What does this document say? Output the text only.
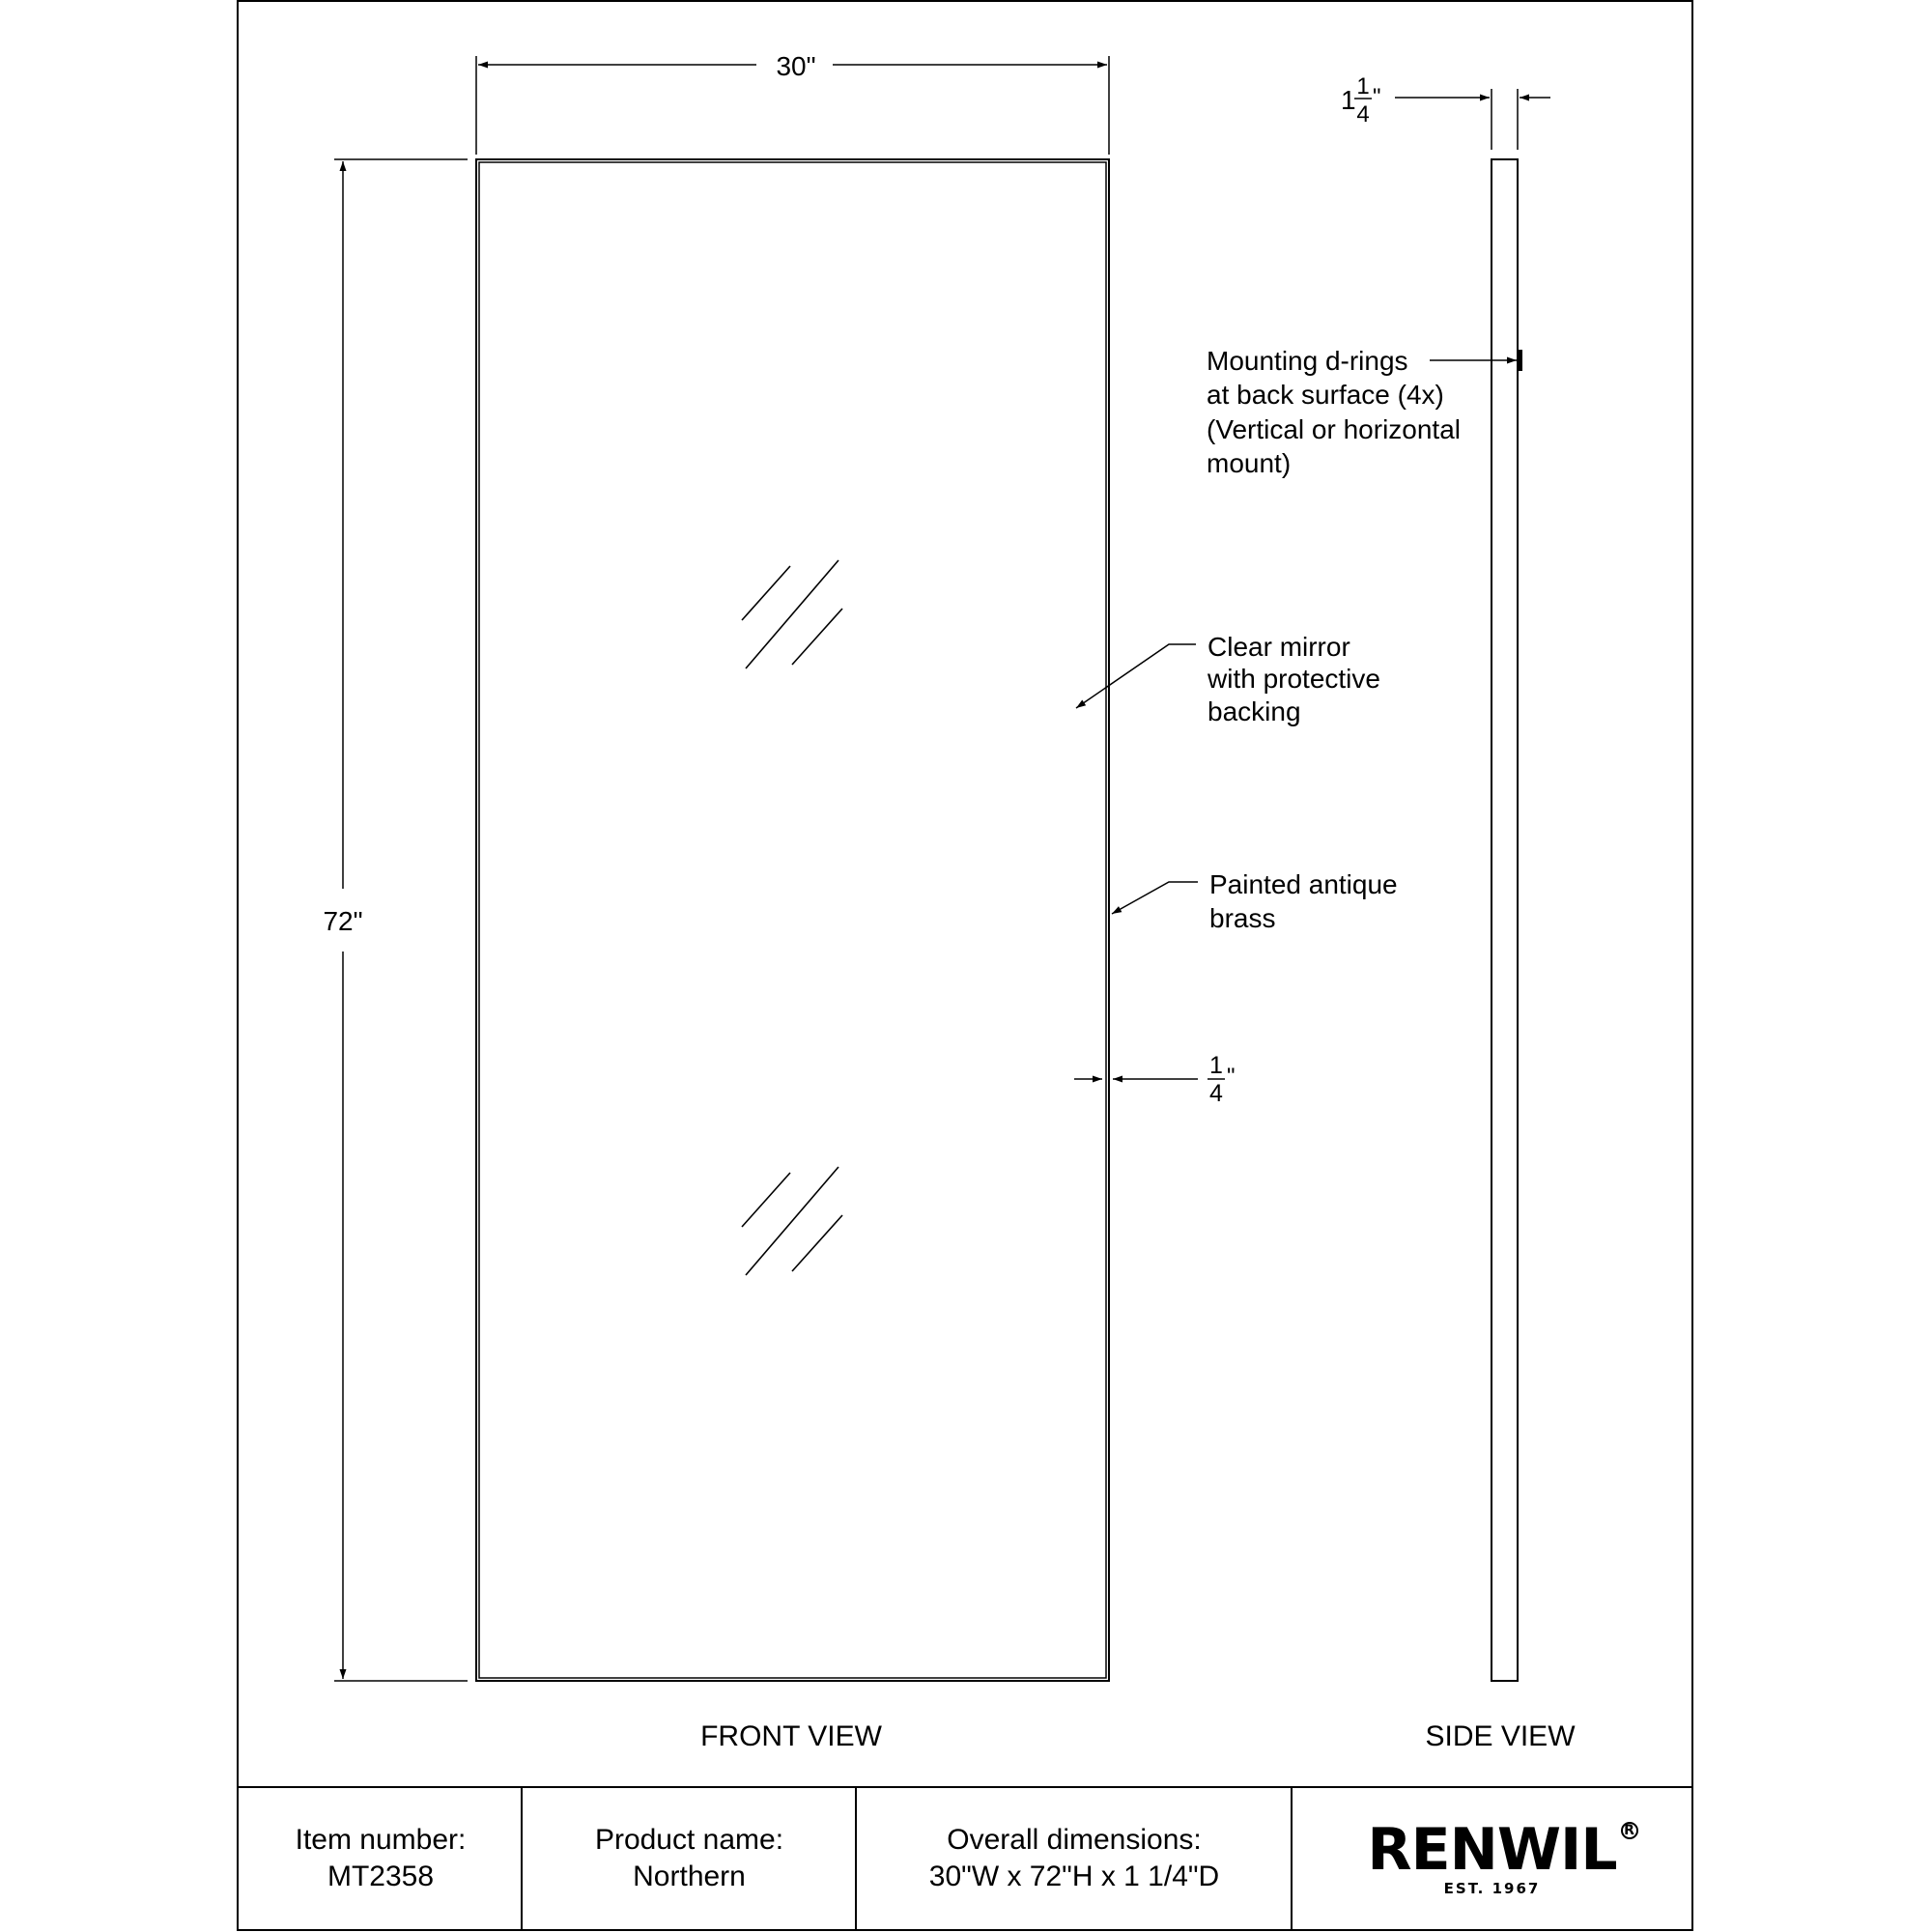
30"
72"
1
4
"
Clear mirror with protective backing
Painted antique brass
FRONT VIEW
1 1
4
"
Mounting d-rings at back surface (4x) (Vertical or horizontal mount)
SIDE VIEW
Item number:
MT2358
Product name:
Northern
Overall dimensions:
30"W x 72"H x 1 1/4"D	RENWIL R
EST. 1967
